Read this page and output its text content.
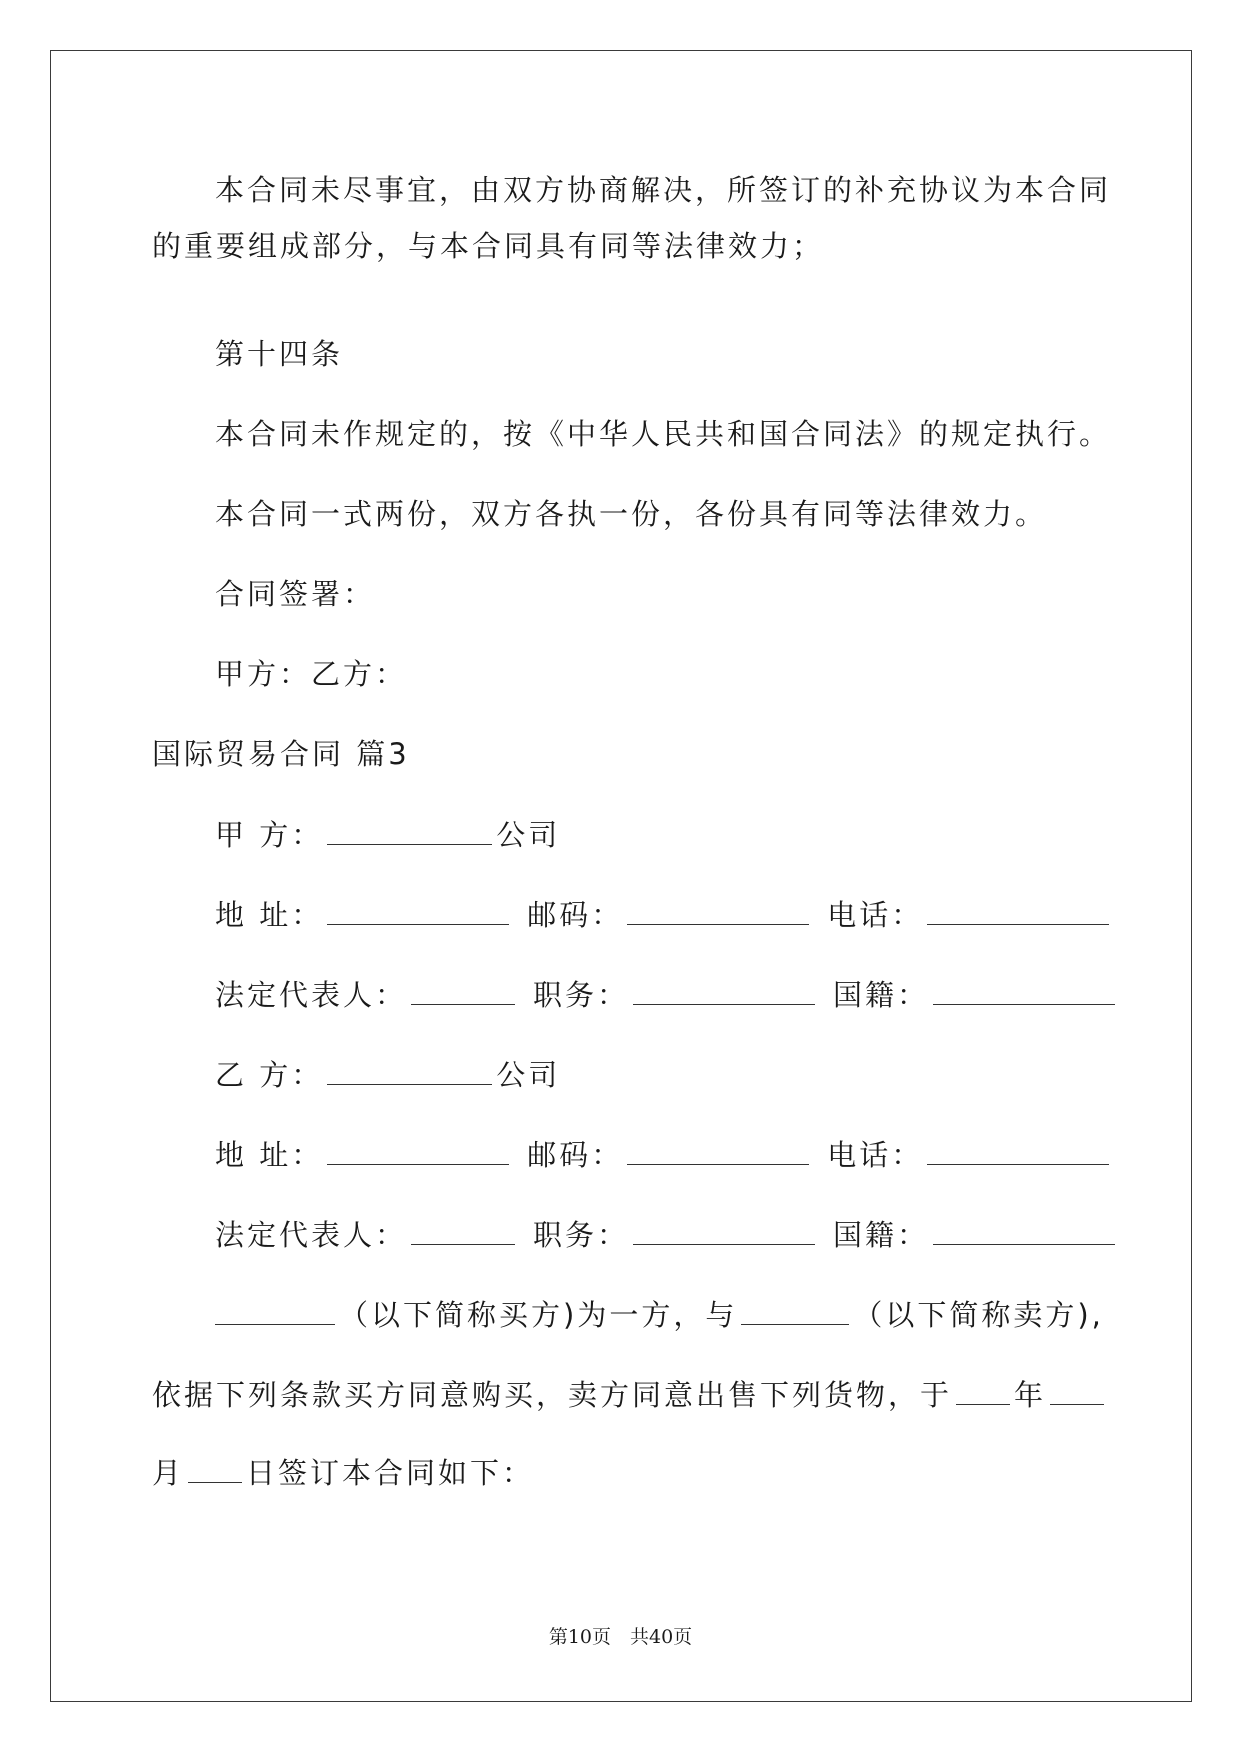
本合同未尽事宜，由双方协商解决，所签订的补充协议为本合同
的重要组成部分，与本合同具有同等法律效力；
第十四条
本合同未作规定的，按《中华人民共和国合同法》的规定执行。
本合同一式两份，双方各执一份，各份具有同等法律效力。
合同签署：
甲方：乙方：
国际贸易合同 篇3
甲 方：	公司
地 址：	邮码：	电话：
法定代表人：	职务：	国籍：
乙 方：	公司
地 址：	邮码：	电话：
法定代表人：	职务：	国籍：
（以下简称买方)为一方，与	（以下简称卖方),
依据下列条款买方同意购买，卖方同意出售下列货物，于 年
月 日签订本合同如下：
第10页　共40页
